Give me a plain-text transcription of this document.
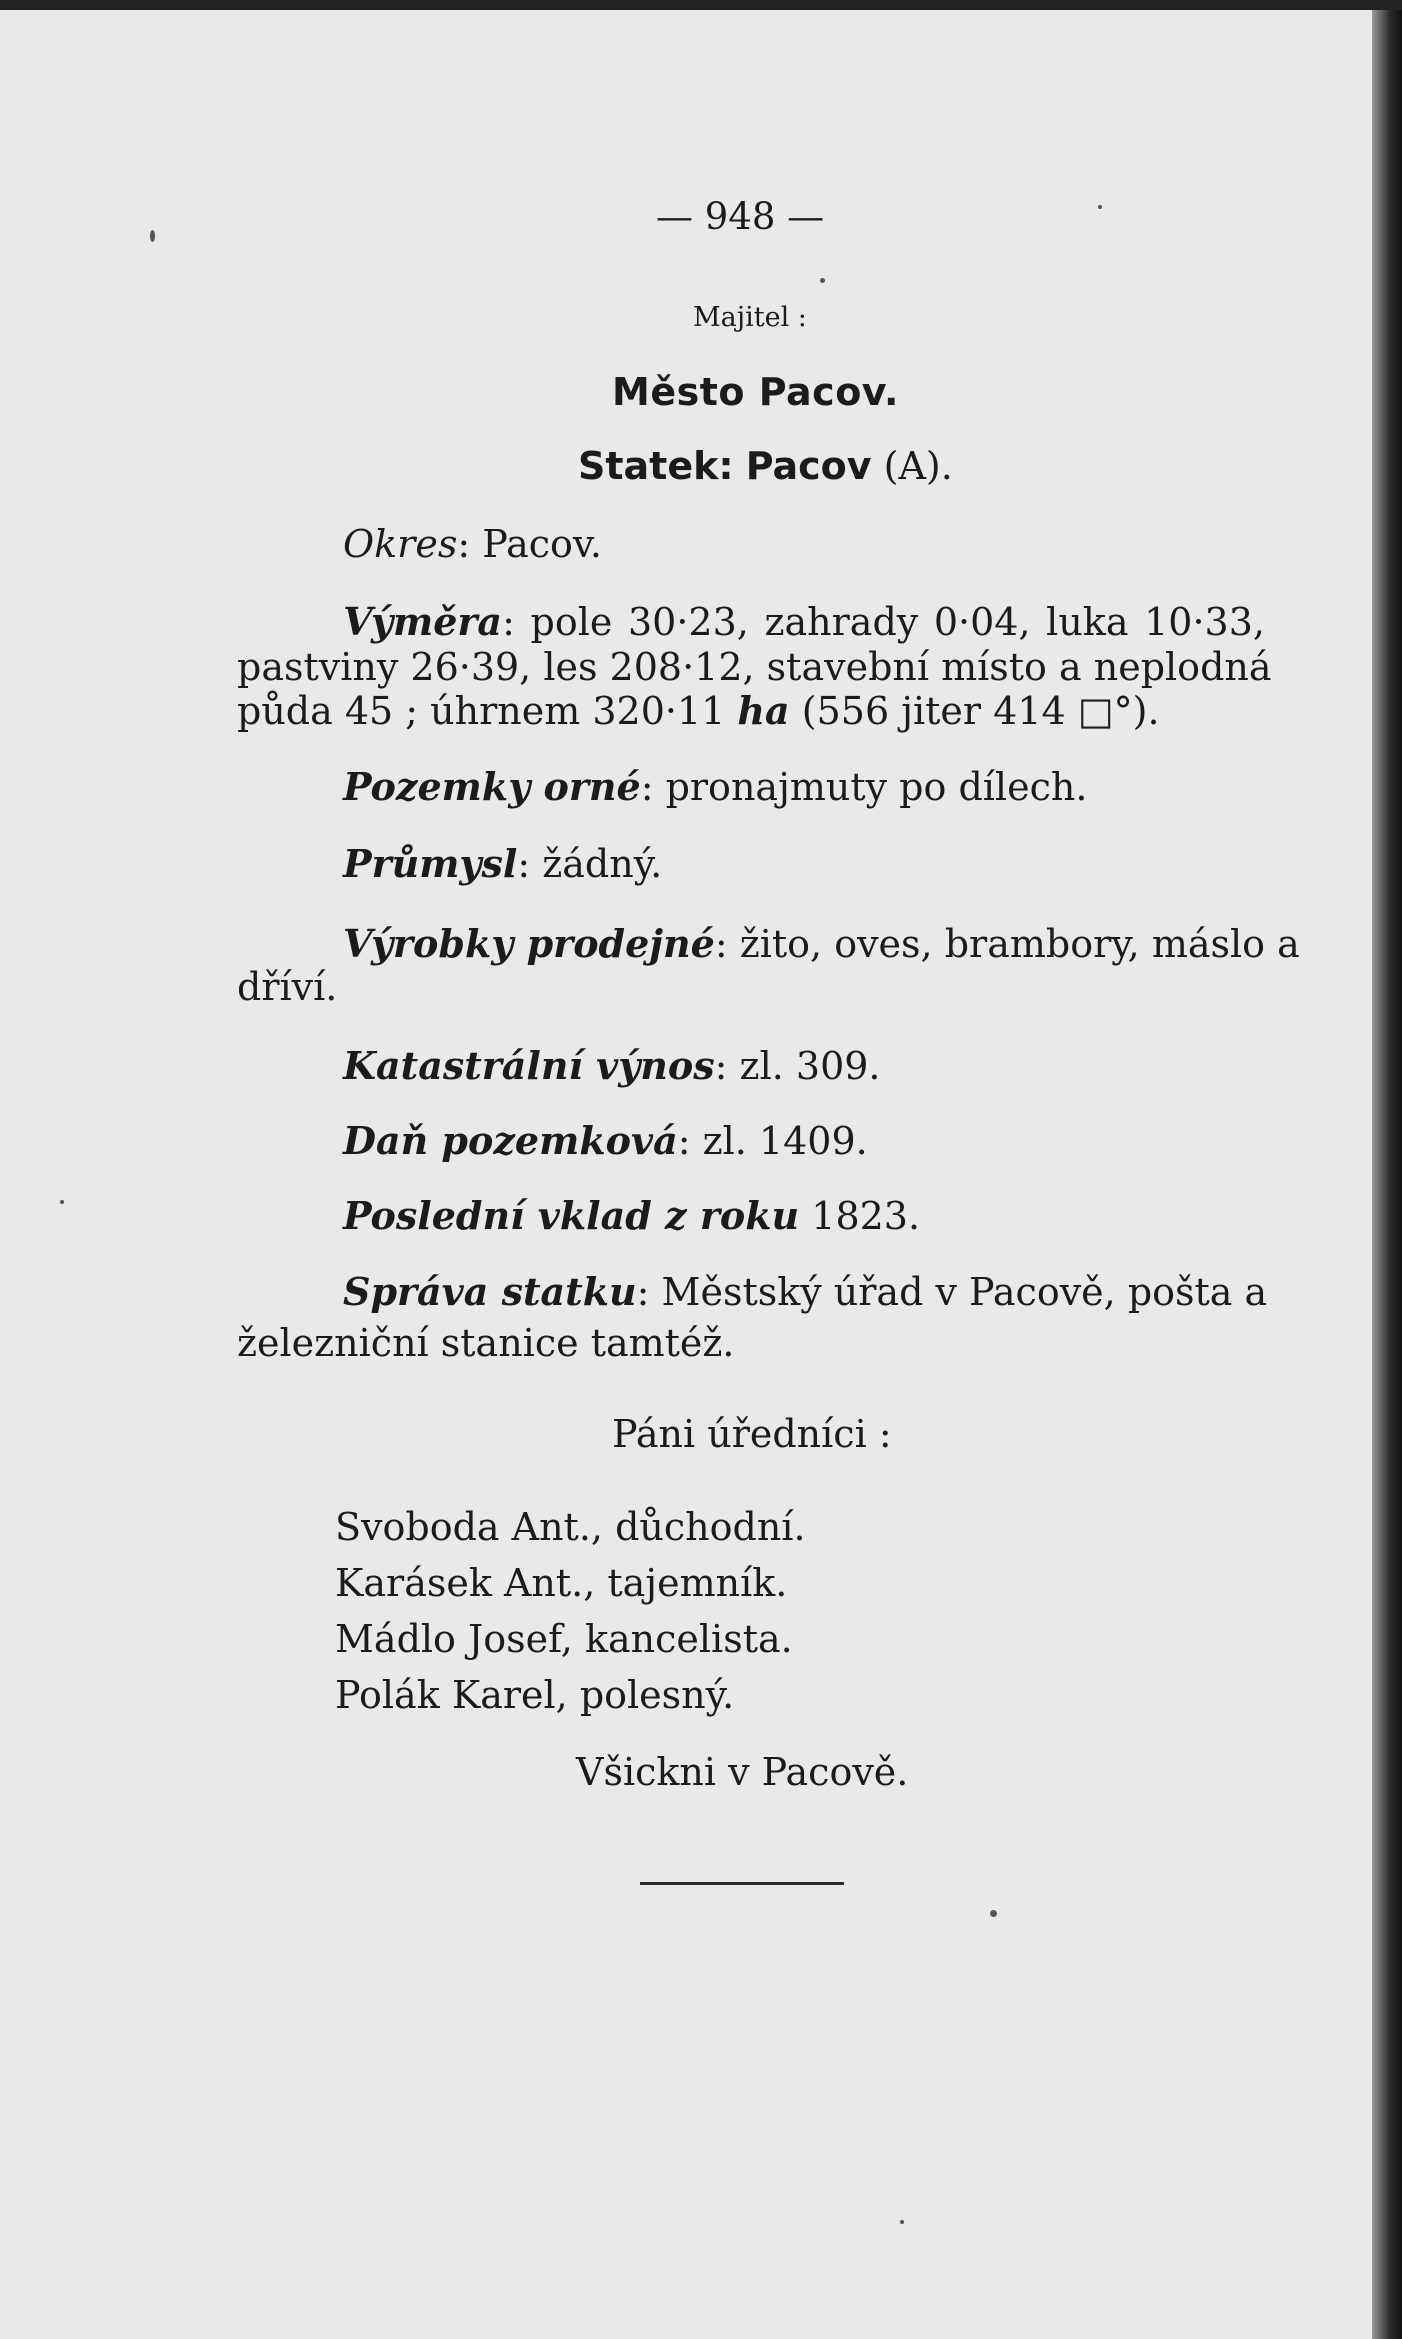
— 948 —
Majitel :
Město Pacov.
Statek: Pacov (A).
Okres: Pacov.
Výměra: pole 30·23, zahrady 0·04, luka 10·33,
pastviny 26·39, les 208·12, stavební místo a neplodná
půda 45 ; úhrnem 320·11 ha (556 jiter 414 □°).
Pozemky orné: pronajmuty po dílech.
Průmysl: žádný.
Výrobky prodejné: žito, oves, brambory, máslo a
dříví.
Katastrální výnos: zl. 309.
Daň pozemková: zl. 1409.
Poslední vklad z roku 1823.
Správa statku: Městský úřad v Pacově, pošta a
železniční stanice tamtéž.
Páni úředníci :
Svoboda Ant., důchodní.
Karásek Ant., tajemník.
Mádlo Josef, kancelista.
Polák Karel, polesný.
Všickni v Pacově.
